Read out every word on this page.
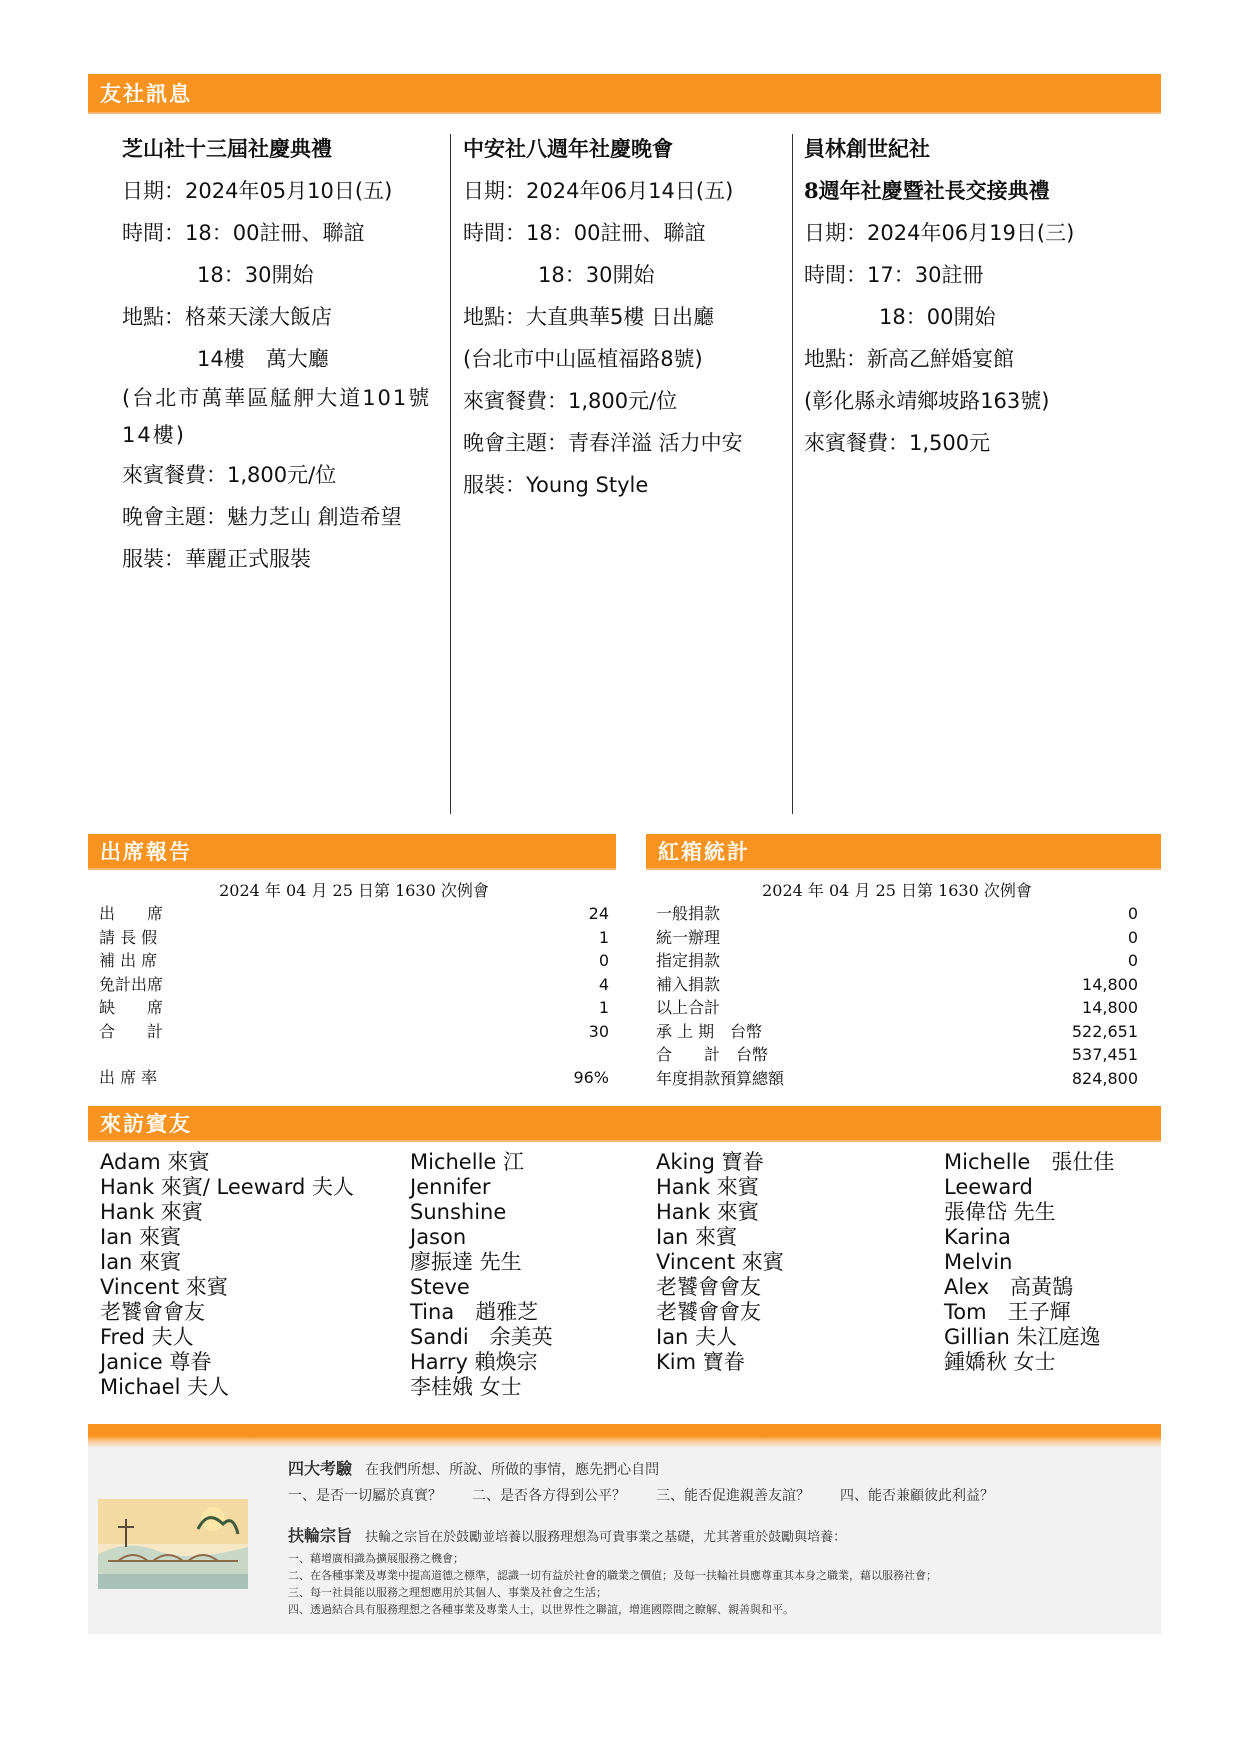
友社訊息
芝山社十三屆社慶典禮
日期：2024年05月10日(五)
時間：18：00註冊、聯誼
18：30開始
地點：格萊天漾大飯店
14樓　萬大廳
(台北市萬華區艋舺大道101號14樓)
來賓餐費：1,800元/位
晚會主題：魅力芝山 創造希望
服裝：華麗正式服裝
中安社八週年社慶晚會
日期：2024年06月14日(五)
時間：18：00註冊、聯誼
18：30開始
地點：大直典華5樓 日出廳
(台北市中山區植福路8號)
來賓餐費：1,800元/位
晚會主題：青春洋溢 活力中安
服裝：Young Style
員林創世紀社
8週年社慶暨社長交接典禮
日期：2024年06月19日(三)
時間：17：30註冊
18：00開始
地點：新高乙鮮婚宴館
(彰化縣永靖鄉坡路163號)
來賓餐費：1,500元
出席報告	紅箱統計
2024 年 04 月 25 日第 1630 次例會
出　　席	24
請 長 假	1
補 出 席	0
免計出席	4
缺　　席	1
合　　計	30
出 席 率	96%
2024 年 04 月 25 日第 1630 次例會
一般捐款	0
統一辦理	0
指定捐款	0
補入捐款	14,800
以上合計	14,800
承 上 期　台幣	522,651
合　　計　台幣	537,451
年度捐款預算總額	824,800
來訪賓友
Adam 來賓
Hank 來賓/ Leeward 夫人
Hank 來賓
Ian 來賓
Ian 來賓
Vincent 來賓
老饕會會友
Fred 夫人
Janice 尊眷
Michael 夫人
Michelle 江
Jennifer
Sunshine
Jason
廖振達 先生
Steve
Tina　趙雅芝
Sandi　余美英
Harry 賴煥宗
李桂娥 女士
Aking 寶眷
Hank 來賓
Hank 來賓
Ian 來賓
Vincent 來賓
老饕會會友
老饕會會友
Ian 夫人
Kim 寶眷
Michelle　張仕佳
Leeward
張偉岱 先生
Karina
Melvin
Alex　高黃鵠
Tom　王子輝
Gillian 朱江庭逸
鍾嬌秋 女士
四大考驗 在我們所想、所說、所做的事情，應先捫心自問
一、是否一切屬於真實？ 二、是否各方得到公平？ 三、能否促進親善友誼？ 四、能否兼顧彼此利益？
扶輪宗旨 扶輪之宗旨在於鼓勵並培養以服務理想為可貴事業之基礎，尤其著重於鼓勵與培養：
一、藉增廣相識為擴展服務之機會；
二、在各種事業及專業中提高道德之標準，認識一切有益於社會的職業之價值；及每一扶輪社員應尊重其本身之職業，藉以服務社會；
三、每一社員能以服務之理想應用於其個人、事業及社會之生活；
四、透過結合具有服務理想之各種事業及專業人士，以世界性之聯誼，增進國際間之瞭解、親善與和平。
